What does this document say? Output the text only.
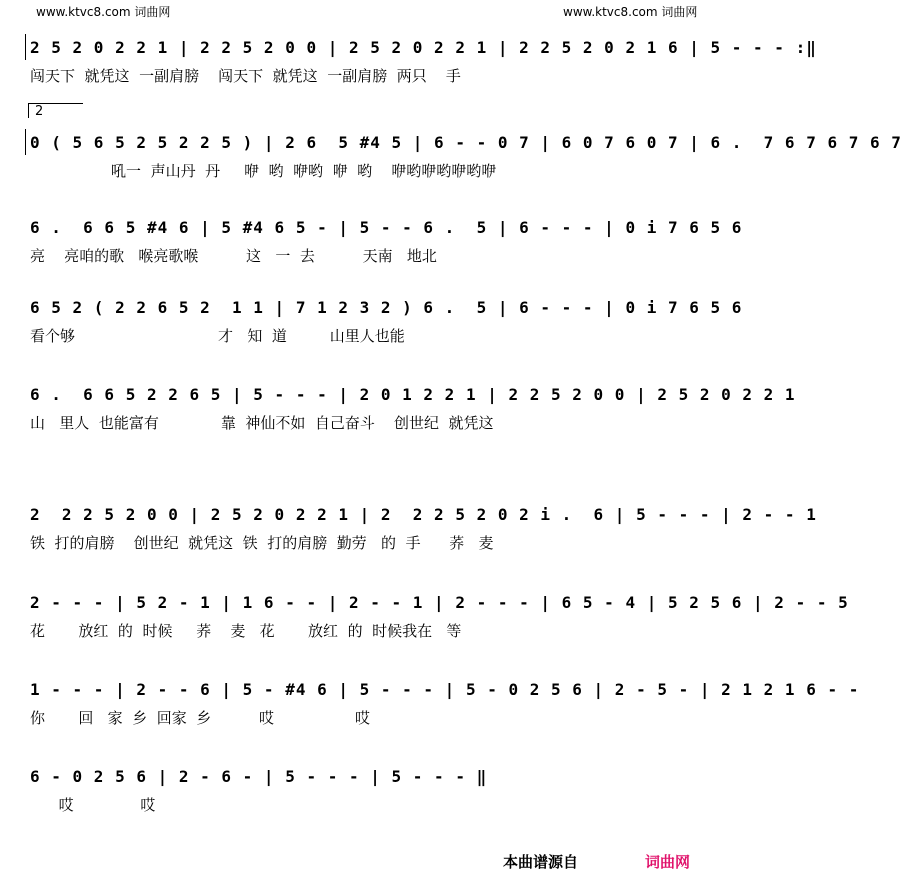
www.ktvc8.com 词曲网	www.ktvc8.com 词曲网
2 5 2 0 2 2 1 | 2 2 5 2 0 0 | 2 5 2 0 2 2 1 | 2 2 5 2 0 2 1 6 | 5 - - - :‖
闯天下  就凭这  一副肩膀    闯天下  就凭这  一副肩膀  两只    手
2
0 ( 5 6 5 2 5 2 2 5 ) | 2 6  5 #4 5 | 6 - - 0 7 | 6 0 7 6 0 7 | 6 .  7 6 7 6 7 6 7
吼一  声山丹  丹     咿  哟  咿哟  咿  哟    咿哟咿哟咿哟咿
6 .  6 6 5 #4 6 | 5 #4 6 5 - | 5 - - 6 .  5 | 6 - - - | 0 i 7 6 5 6
亮    亮咱的歌   喉亮歌喉          这   一  去          天南   地北
6 5 2 ( 2 2 6 5 2  1 1 | 7 1 2 3 2 ) 6 .  5 | 6 - - - | 0 i 7 6 5 6
看个够                              才   知  道         山里人也能
6 .  6 6 5 2 2 6 5 | 5 - - - | 2 0 1 2 2 1 | 2 2 5 2 0 0 | 2 5 2 0 2 2 1
山   里人  也能富有             靠  神仙不如  自己奋斗    创世纪  就凭这
2  2 2 5 2 0 0 | 2 5 2 0 2 2 1 | 2  2 2 5 2 0 2 i .  6 | 5 - - - | 2 - - 1
铁  打的肩膀    创世纪  就凭这  铁  打的肩膀  勤劳   的  手      荞   麦
2 - - - | 5 2 - 1 | 1 6 - - | 2 - - 1 | 2 - - - | 6 5 - 4 | 5 2 5 6 | 2 - - 5
花       放红  的  时候     荞    麦   花       放红  的  时候我在   等
1 - - - | 2 - - 6 | 5 - #4 6 | 5 - - - | 5 - 0 2 5 6 | 2 - 5 - | 2 1 2 1 6 - -
你       回   家  乡  回家  乡          哎                 哎
6 - 0 2 5 6 | 2 - 6 - | 5 - - - | 5 - - - ‖
哎              哎
本曲谱源自	词曲网
